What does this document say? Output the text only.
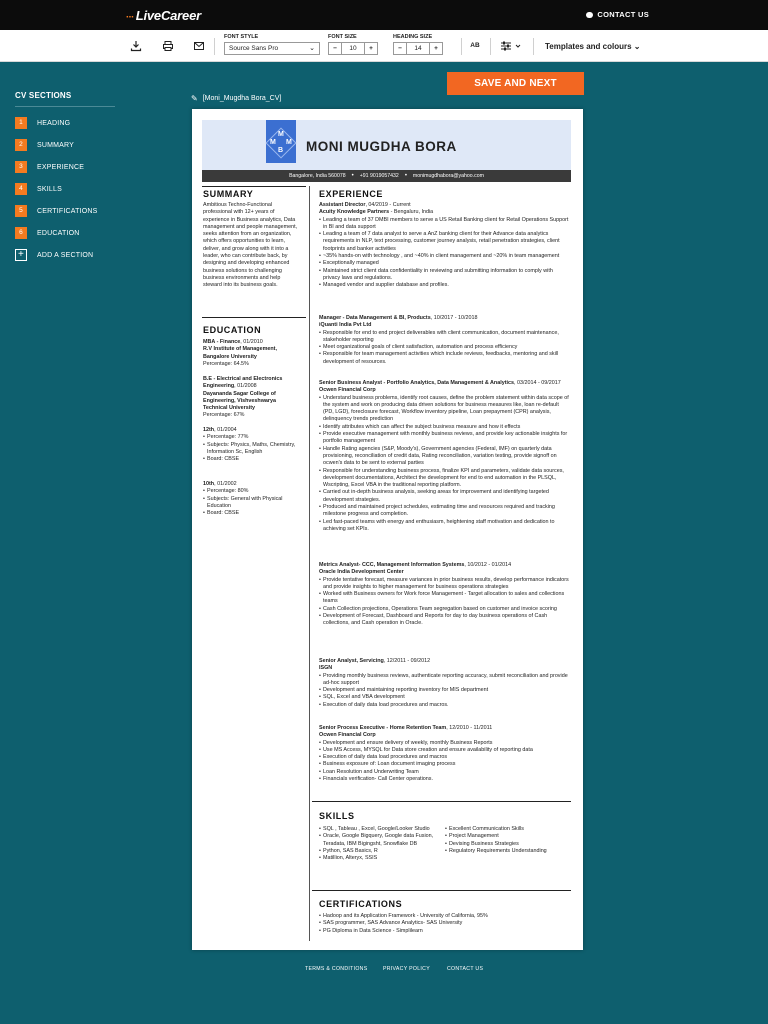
∙∙∙ LiveCareer	CONTACT US
FONT STYLE
Source Sans Pro	⌄
FONT SIZE
−	10	+
HEADING SIZE
−	14	+	AB	Templates and colours ⌄
CV SECTIONS
1	HEADING
2	SUMMARY
3	EXPERIENCE
4	SKILLS
5	CERTIFICATIONS
6	EDUCATION
+	ADD A SECTION
SAVE AND NEXT
✎ [Moni_Mugdha Bora_CV]
M
M M
B MONI MUGDHA BORA
Bangalore, India 560078 • +91 9019057432 • monimugdhabora@yahoo.com
SUMMARY
Ambitious Techno-Functional professional with 12+ years of experience in Business analytics, Data management and people management, seeks attention from an organization, which offers opportunities to learn, deliver, and grow along with it into a leader, who can contribute back, by designing and developing enhanced business solutions to challenging business environments and help steward into its business goals.
EDUCATION
MBA - Finance, 01/2010
R.V Institute of Management, Bangalore University
Percentage: 64.5%
B.E - Electrical and Electronics Engineering, 01/2008
Dayananda Sagar College of Engineering, Vishveshwarya Technical University
Percentage: 67%
12th, 01/2004
• Percentage: 77%
• Subjects: Physics, Maths, Chemistry, Information Sc, English
• Board: CBSE
10th, 01/2002
• Percentage: 80%
• Subjects: General with Physical Education
• Board: CBSE
EXPERIENCE
Assistant Director, 04/2019 - Current
Acuity Knowledge Partners - Bengaluru, India
• Leading a team of 37 DMBI members to serve a US Retail Banking client for Retail Operations Support in BI and data support
• Leading a team of 7 data analyst to serve a AnZ banking client for their Advance data analytics requirements in NLP, text processing, customer journey analysis, retail penetration strategies, client footprints and banker activities
• ~35% hands-on with technology , and ~40% in client management and ~20% in team management
• Exceptionally managed
• Maintained strict client data confidentiality in reviewing and submitting information to comply with privacy laws and regulations.
• Managed vendor and supplier database and profiles.
Manager - Data Management & BI, Products, 10/2017 - 10/2018
iQuanti India Pvt Ltd
• Responsible for end to end project deliverables with client communication, document maintenance, stakeholder reporting
• Meet organizational goals of client satisfaction, automation and process efficiency
• Responsible for team management activities which include reviews, feedbacks, mentoring and skill development of resources.
Senior Business Analyst - Portfolio Analytics, Data Management & Analytics, 03/2014 - 09/2017
Ocwen Financial Corp
• Understand business problems, identify root causes, define the problem statement within data scope of the system and work on producing data driven solutions for business measures like, loan re-default (PD, LGD), foreclosure forecast, Workflow inventory pipeline, Loan prepayment (CPR) analysis, delinquency trends prediction
• Identify attributes which can affect the subject business measure and how it effects
• Provide executive management with monthly business reviews, and provide key actionable insights for portfolio management
• Handle Rating agencies (S&P, Moody's), Government agencies (Federal, IMF) on quarterly data provisioning, reconciliation of credit data, Rating reconciliation, variation testing, provide signoff on ocwen's data to be sent to external parties
• Responsible for understanding business process, finalize KPI and parameters, validate data sources, development documentations, Architect the development for end to end automation in the PLSQL, Wscripting, Excel VBA in the traditional reporting platform.
• Carried out in-depth business analysis, seeking areas for improvement and identifying targeted development strategies.
• Produced and maintained project schedules, estimating time and resources required and tracking milestone progress and completion.
• Led fast-paced teams with energy and enthusiasm, heightening staff motivation and dedication to achieving set KPIs.
Metrics Analyst- CCC, Management Information Systems, 10/2012 - 01/2014
Oracle India Development Center
• Provide tentative forecast, measure variances in prior business results, develop performance indicators and provide insights to higher management for business operations strategies
• Worked with Business owners for Work force Management - Target allocation to sales and collections teams
• Cash Collection projections, Operations Team segregation based on customer and invoice scoring
• Development of Forecast, Dashboard and Reports for day to day business operations of Cash collections, and Cash operation in Oracle.
Senior Analyst, Servicing, 12/2011 - 09/2012
ISGN
• Providing monthly business reviews, authenticate reporting accuracy, submit reconciliation and provide ad-hoc support
• Development and maintaining reporting inventory for MIS department
• SQL, Excel and VBA development
• Execution of daily data load procedures and macros.
Senior Process Executive - Home Retention Team, 12/2010 - 11/2011
Ocwen Financial Corp
• Development and ensure delivery of weekly, monthly Business Reports
• Use MS Access, MYSQL for Data store creation and ensure availability of reporting data
• Execution of daily data load procedures and macros
• Business exposure of: Loan document imaging process
• Loan Resolution and Underwriting Team
• Financials verification- Call Center operations.
SKILLS
• SQL , Tableau , Excel, Google/Looker Studio
• Oracle, Google Bigquery, Google data Fusion, Teradata, IBM Bigingsht, Snowflake DB
• Python, SAS Basics, R
• Matillion, Alteryx, SSIS
• Excellent Communication Skills
• Project Management
• Devising Business Strategies
• Regulatory Requirements Understanding
CERTIFICATIONS
• Hadoop and its Application Framework - University of California, 95%
• SAS programmer, SAS Advance Analytics- SAS University
• PG Diploma in Data Science - Simplilearn
TERMS & CONDITIONS	PRIVACY POLICY	CONTACT US
